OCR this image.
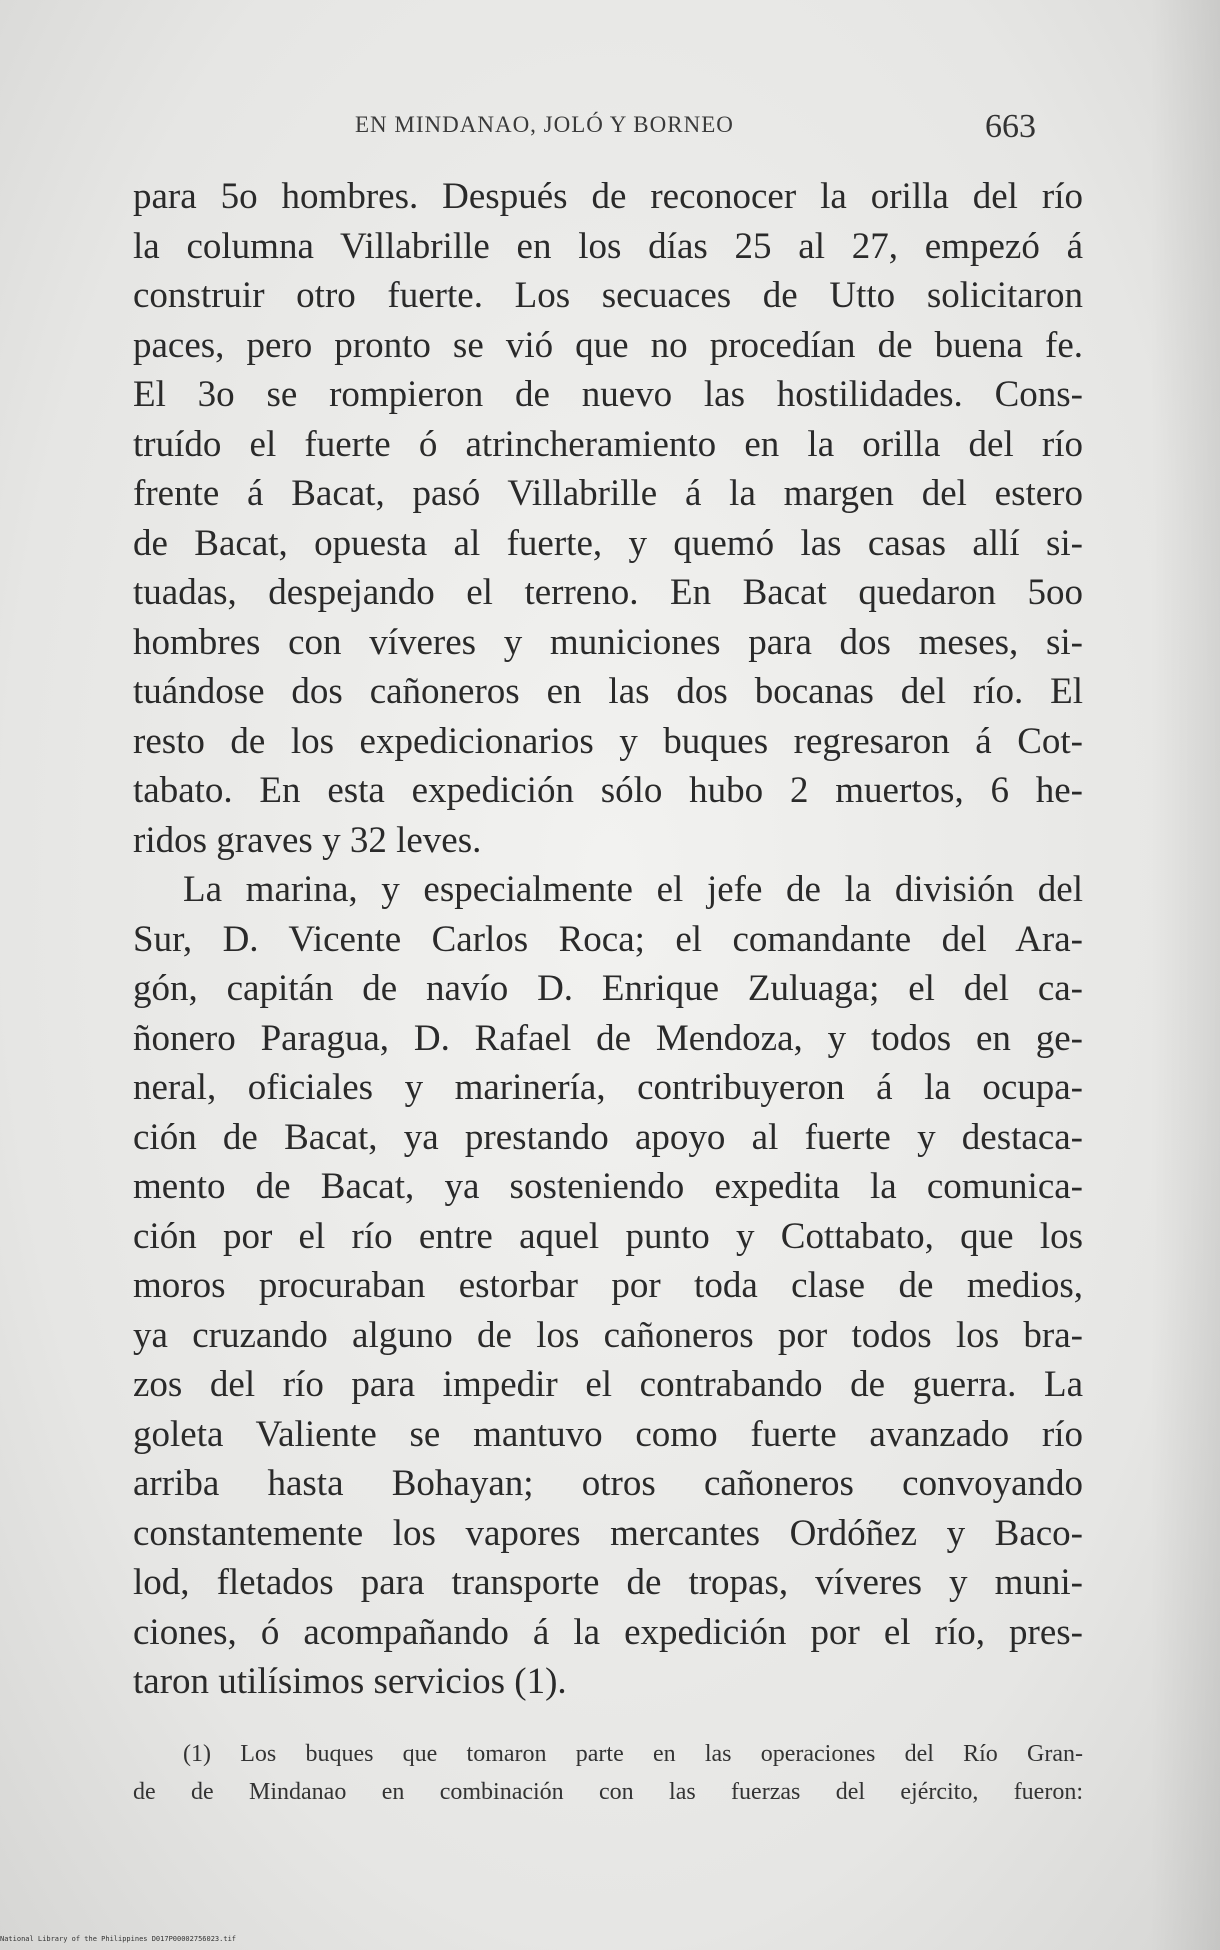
EN MINDANAO, JOLÓ Y BORNEO	663
para 5o hombres. Después de reconocer la orilla del río
la columna Villabrille en los días 25 al 27, empezó á
construir otro fuerte. Los secuaces de Utto solicitaron
paces, pero pronto se vió que no procedían de buena fe.
El 3o se rompieron de nuevo las hostilidades. Cons-
truído el fuerte ó atrincheramiento en la orilla del río
frente á Bacat, pasó Villabrille á la margen del estero
de Bacat, opuesta al fuerte, y quemó las casas allí si-
tuadas, despejando el terreno. En Bacat quedaron 5oo
hombres con víveres y municiones para dos meses, si-
tuándose dos cañoneros en las dos bocanas del río. El
resto de los expedicionarios y buques regresaron á Cot-
tabato. En esta expedición sólo hubo 2 muertos, 6 he-
ridos graves y 32 leves.
La marina, y especialmente el jefe de la división del
Sur, D. Vicente Carlos Roca; el comandante del Ara-
gón, capitán de navío D. Enrique Zuluaga; el del ca-
ñonero Paragua, D. Rafael de Mendoza, y todos en ge-
neral, oficiales y marinería, contribuyeron á la ocupa-
ción de Bacat, ya prestando apoyo al fuerte y destaca-
mento de Bacat, ya sosteniendo expedita la comunica-
ción por el río entre aquel punto y Cottabato, que los
moros procuraban estorbar por toda clase de medios,
ya cruzando alguno de los cañoneros por todos los bra-
zos del río para impedir el contrabando de guerra. La
goleta Valiente se mantuvo como fuerte avanzado río
arriba hasta Bohayan; otros cañoneros convoyando
constantemente los vapores mercantes Ordóñez y Baco-
lod, fletados para transporte de tropas, víveres y muni-
ciones, ó acompañando á la expedición por el río, pres-
taron utilísimos servicios (1).
(1) Los buques que tomaron parte en las operaciones del Río Gran-
de de Mindanao en combinación con las fuerzas del ejército, fueron:
National Library of the Philippines D017P00002756023.tif
